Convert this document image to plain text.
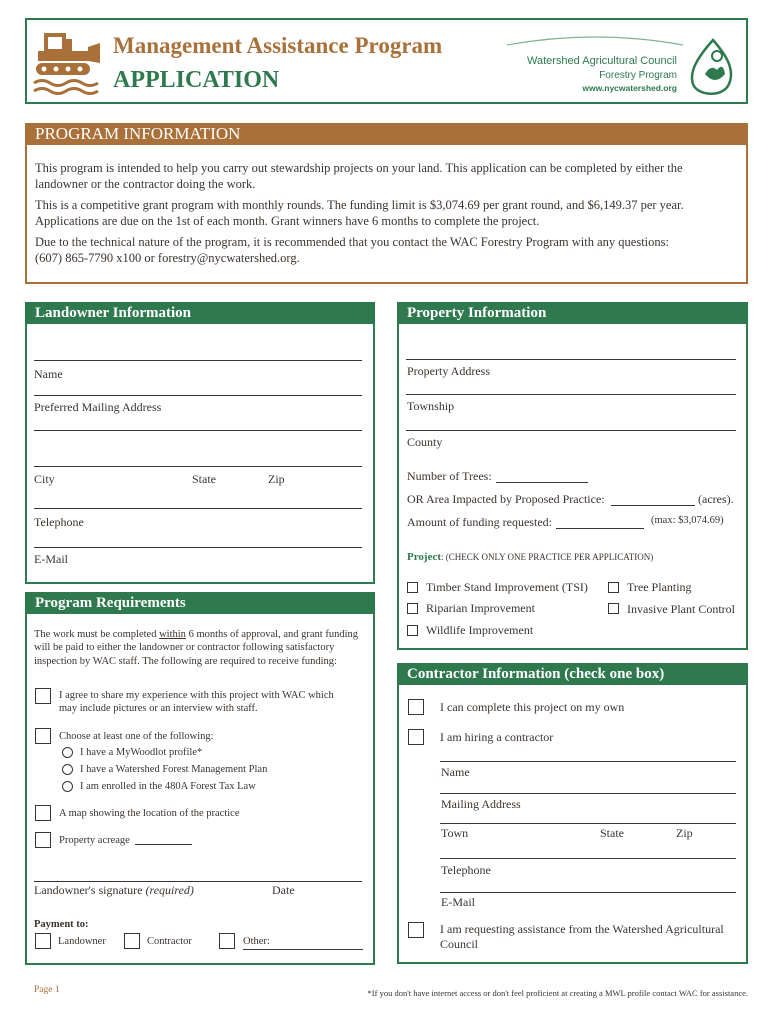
Management Assistance Program
APPLICATION
Watershed Agricultural Council
Forestry Program
www.nycwatershed.org
PROGRAM INFORMATION
This program is intended to help you carry out stewardship projects on your land. This application can be completed by either the
landowner or the contractor doing the work.
This is a competitive grant program with monthly rounds. The funding limit is $3,074.69 per grant round, and $6,149.37 per year.
Applications are due on the 1st of each month. Grant winners have 6 months to complete the project.
Due to the technical nature of the program, it is recommended that you contact the WAC Forestry Program with any questions:
(607) 865-7790 x100 or forestry@nycwatershed.org.
Landowner Information
Name
Preferred Mailing Address
City	State	Zip
Telephone
E-Mail
Property Information
Property Address
Township
County
Number of Trees:
OR Area Impacted by Proposed Practice:	(acres).
Amount of funding requested:	(max: $3,074.69)
Project: (CHECK ONLY ONE PRACTICE PER APPLICATION)
Timber Stand Improvement (TSI)	Tree Planting
Riparian Improvement	Invasive Plant Control
Wildlife Improvement
Program Requirements
The work must be completed within 6 months of approval, and grant funding
will be paid to either the landowner or contractor following satisfactory
inspection by WAC staff. The following are required to receive funding:
I agree to share my experience with this project with WAC which
may include pictures or an interview with staff.
Choose at least one of the following:
I have a MyWoodlot profile*
I have a Watershed Forest Management Plan
I am enrolled in the 480A Forest Tax Law
A map showing the location of the practice
Property acreage
Landowner's signature (required)	Date
Payment to:
Landowner	Contractor	Other:
Contractor Information (check one box)
I can complete this project on my own
I am hiring a contractor
Name
Mailing Address
Town	State	Zip
Telephone
E-Mail
I am requesting assistance from the Watershed Agricultural
Council
Page 1	*If you don't have internet access or don't feel proficient at creating a MWL profile contact WAC for assistance.
